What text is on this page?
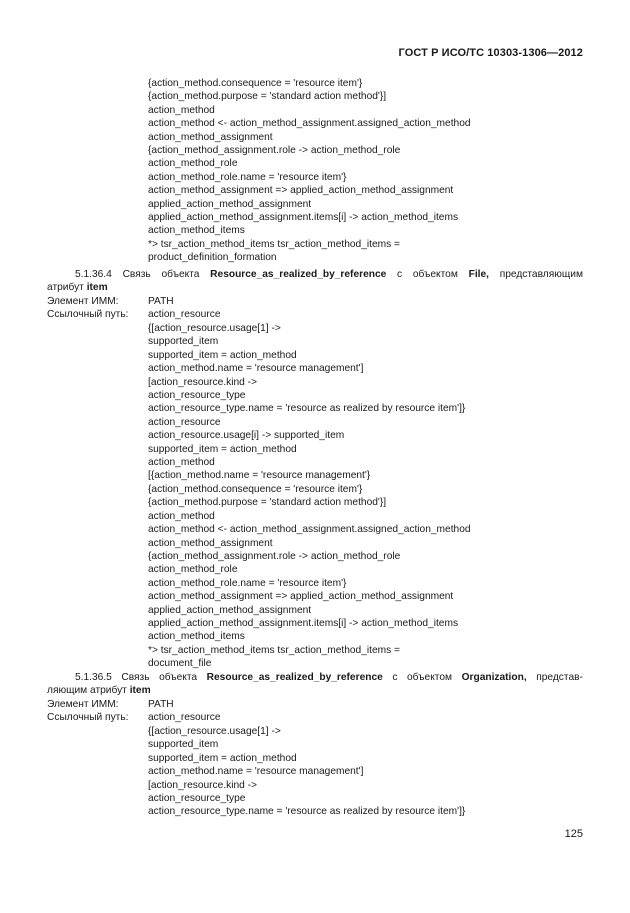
ГОСТ Р ИСО/ТС 10303-1306—2012
{action_method.consequence = 'resource item'}
{action_method.purpose = 'standard action method'}]
action_method
action_method <- action_method_assignment.assigned_action_method
action_method_assignment
{action_method_assignment.role -> action_method_role
action_method_role
action_method_role.name = 'resource item'}
action_method_assignment => applied_action_method_assignment
applied_action_method_assignment
applied_action_method_assignment.items[i] -> action_method_items
action_method_items
*> tsr_action_method_items tsr_action_method_items =
product_definition_formation
5.1.36.4 Связь объекта Resource_as_realized_by_reference с объектом File, представляющим
атрибут item
Элемент ИММ:	PATH
Ссылочный путь: action_resource
{[action_resource.usage[1] ->
supported_item
supported_item = action_method
action_method.name = 'resource management']
[action_resource.kind ->
action_resource_type
action_resource_type.name = 'resource as realized by resource item']}
action_resource
action_resource.usage[i] -> supported_item
supported_item = action_method
action_method
[{action_method.name = 'resource management'}
{action_method.consequence = 'resource item'}
{action_method.purpose = 'standard action method'}]
action_method
action_method <- action_method_assignment.assigned_action_method
action_method_assignment
{action_method_assignment.role -> action_method_role
action_method_role
action_method_role.name = 'resource item'}
action_method_assignment => applied_action_method_assignment
applied_action_method_assignment
applied_action_method_assignment.items[i] -> action_method_items
action_method_items
*> tsr_action_method_items tsr_action_method_items =
document_file
5.1.36.5 Связь объекта Resource_as_realized_by_reference с объектом Organization, представ-
ляющим атрибут item
Элемент ИММ:	PATH
Ссылочный путь: action_resource
{[action_resource.usage[1] ->
supported_item
supported_item = action_method
action_method.name = 'resource management']
[action_resource.kind ->
action_resource_type
action_resource_type.name = 'resource as realized by resource item']}
125
